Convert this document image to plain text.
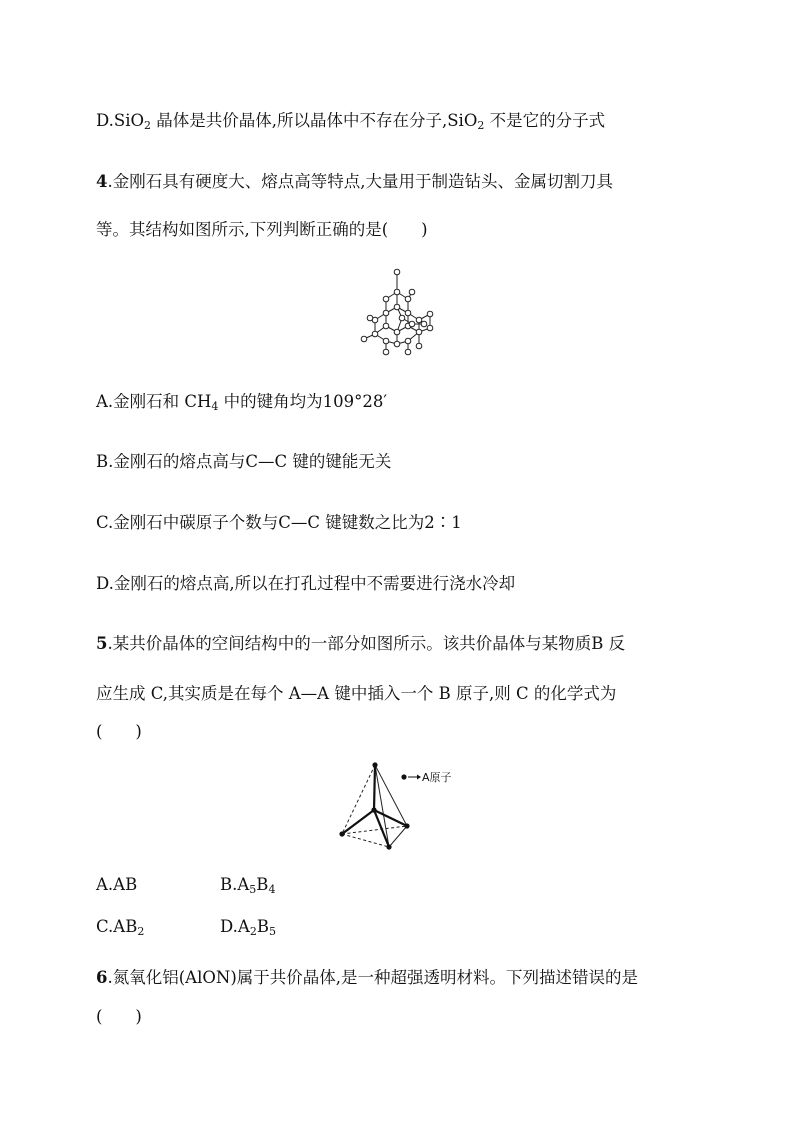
D.SiO$_2$ 晶体是共价晶体,所以晶体中不存在分子,SiO$_2$ 不是它的分子式
4.金刚石具有硬度大、熔点高等特点,大量用于制造钻头、金属切割刀具
等。其结构如图所示,下列判断正确的是(　　)
A.金刚石和 $CH_4$ 中的键角均为109°28′
B.金刚石的熔点高与C—C 键的键能无关
C.金刚石中碳原子个数与C—C 键键数之比为2∶1
D.金刚石的熔点高,所以在打孔过程中不需要进行浇水冷却
5.某共价晶体的空间结构中的一部分如图所示。该共价晶体与某物质B 反
应生成 C,其实质是在每个 A—A 键中插入一个 B 原子,则 C 的化学式为
(　　)
A原子
A.AB	$B.A_5B_4$
$C.AB_2$	$D.A_2B_5$
6.氮氧化铝(AlON)属于共价晶体,是一种超强透明材料。下列描述错误的是
(　　)
